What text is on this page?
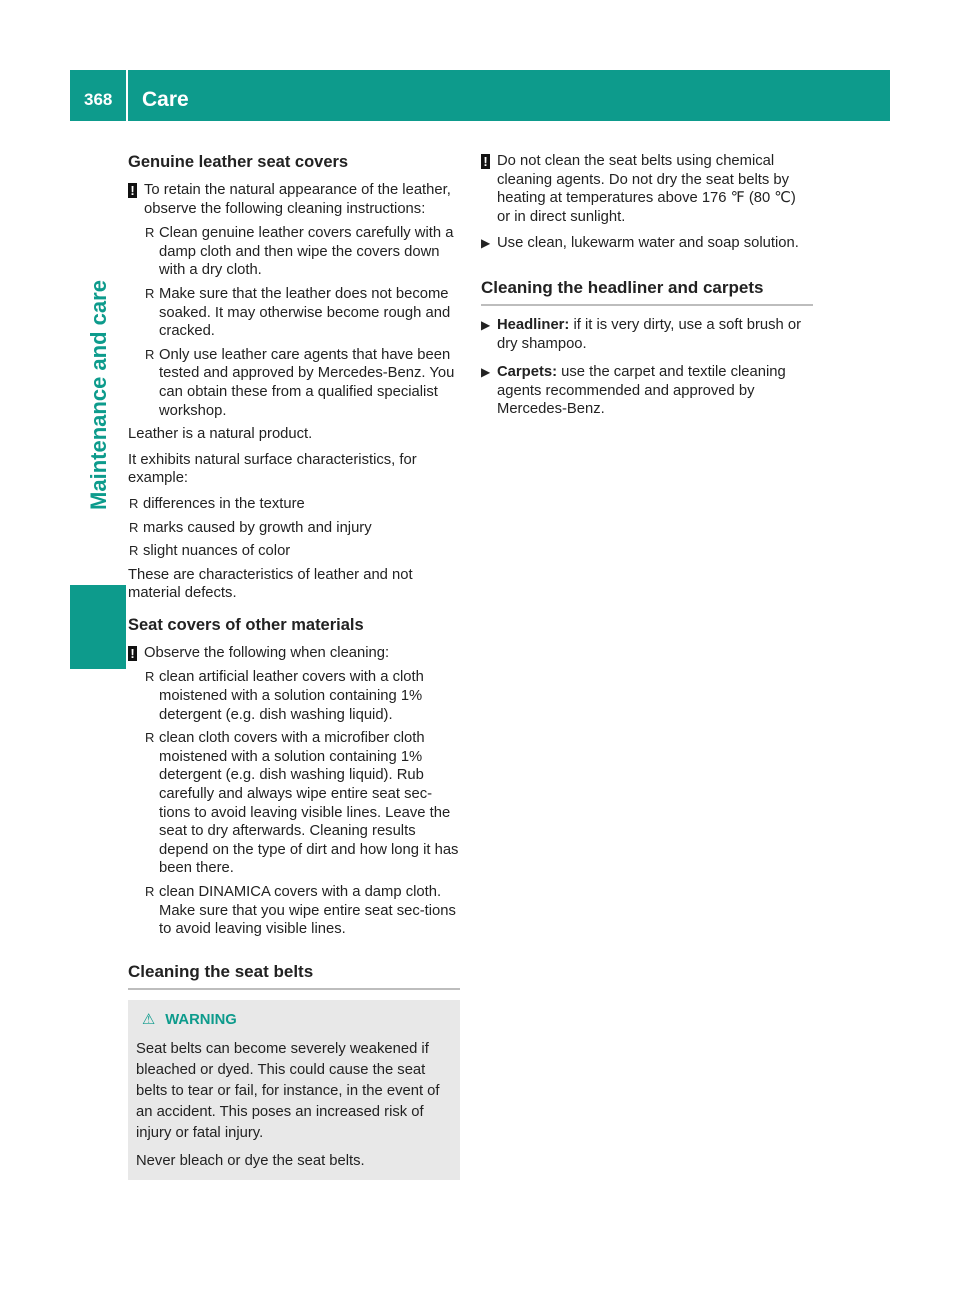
368 Care
Maintenance and care
Genuine leather seat covers
! To retain the natural appearance of the leather, observe the following cleaning instructions:
R Clean genuine leather covers carefully with a damp cloth and then wipe the covers down with a dry cloth.
R Make sure that the leather does not become soaked. It may otherwise become rough and cracked.
R Only use leather care agents that have been tested and approved by Mercedes-Benz. You can obtain these from a qualified specialist workshop.

Leather is a natural product.

It exhibits natural surface characteristics, for example:

R differences in the texture
R marks caused by growth and injury
R slight nuances of color

These are characteristics of leather and not material defects.

Seat covers of other materials
! Observe the following when cleaning:
R clean artificial leather covers with a cloth moistened with a solution containing 1% detergent (e.g. dish washing liquid).
R clean cloth covers with a microfiber cloth moistened with a solution containing 1% detergent (e.g. dish washing liquid). Rub carefully and always wipe entire seat sec-tions to avoid leaving visible lines. Leave the seat to dry afterwards. Cleaning results depend on the type of dirt and how long it has been there.
R clean DINAMICA covers with a damp cloth. Make sure that you wipe entire seat sec-tions to avoid leaving visible lines.
Cleaning the seat belts
⚠ WARNING

Seat belts can become severely weakened if bleached or dyed. This could cause the seat belts to tear or fail, for instance, in the event of an accident. This poses an increased risk of injury or fatal injury.

Never bleach or dye the seat belts.

! Do not clean the seat belts using chemical cleaning agents. Do not dry the seat belts by heating at temperatures above 176 ℉ (80 ℃) or in direct sunlight.
▶ Use clean, lukewarm water and soap solution.
Cleaning the headliner and carpets
▶ Headliner: if it is very dirty, use a soft brush or dry shampoo.
▶ Carpets: use the carpet and textile cleaning agents recommended and approved by Mercedes-Benz.
